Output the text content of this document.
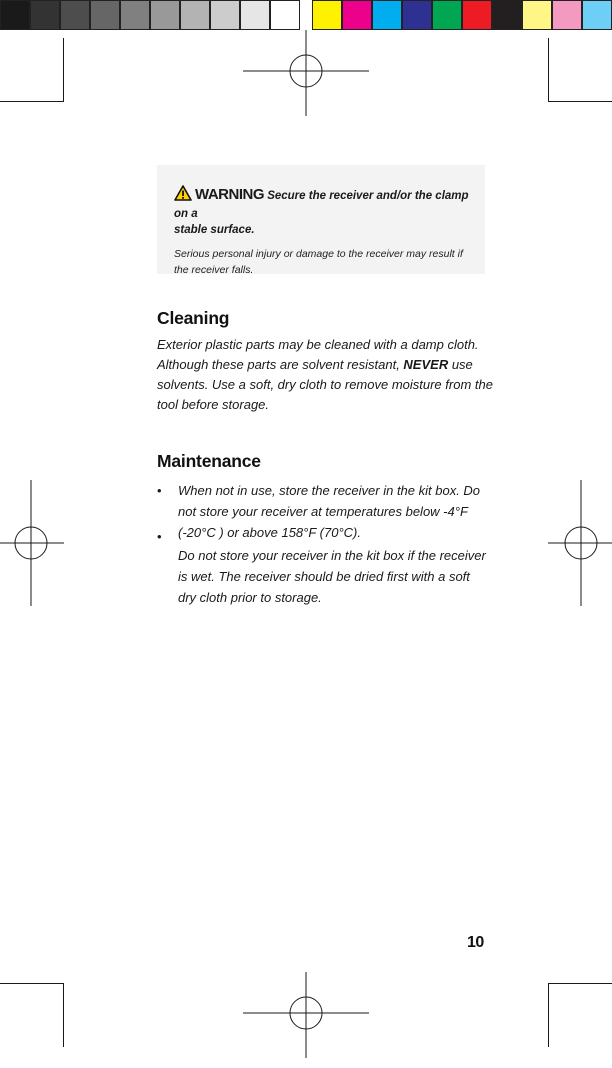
WARNING Secure the receiver and/or the clamp on a
stable surface.
Serious personal injury or damage to the receiver may result if the receiver falls.
Cleaning

Exterior plastic parts may be cleaned with a damp cloth. Although these parts are solvent resistant, NEVER use solvents. Use a soft, dry cloth to remove moisture from the tool before storage.

Maintenance
•
•

When not in use, store the receiver in the kit box. Do not store your receiver at temperatures below -4°F (-20°C ) or above 158°F (70°C).

Do not store your receiver in the kit box if the receiver is wet. The receiver should be dried first with a soft dry cloth prior to storage.

10
